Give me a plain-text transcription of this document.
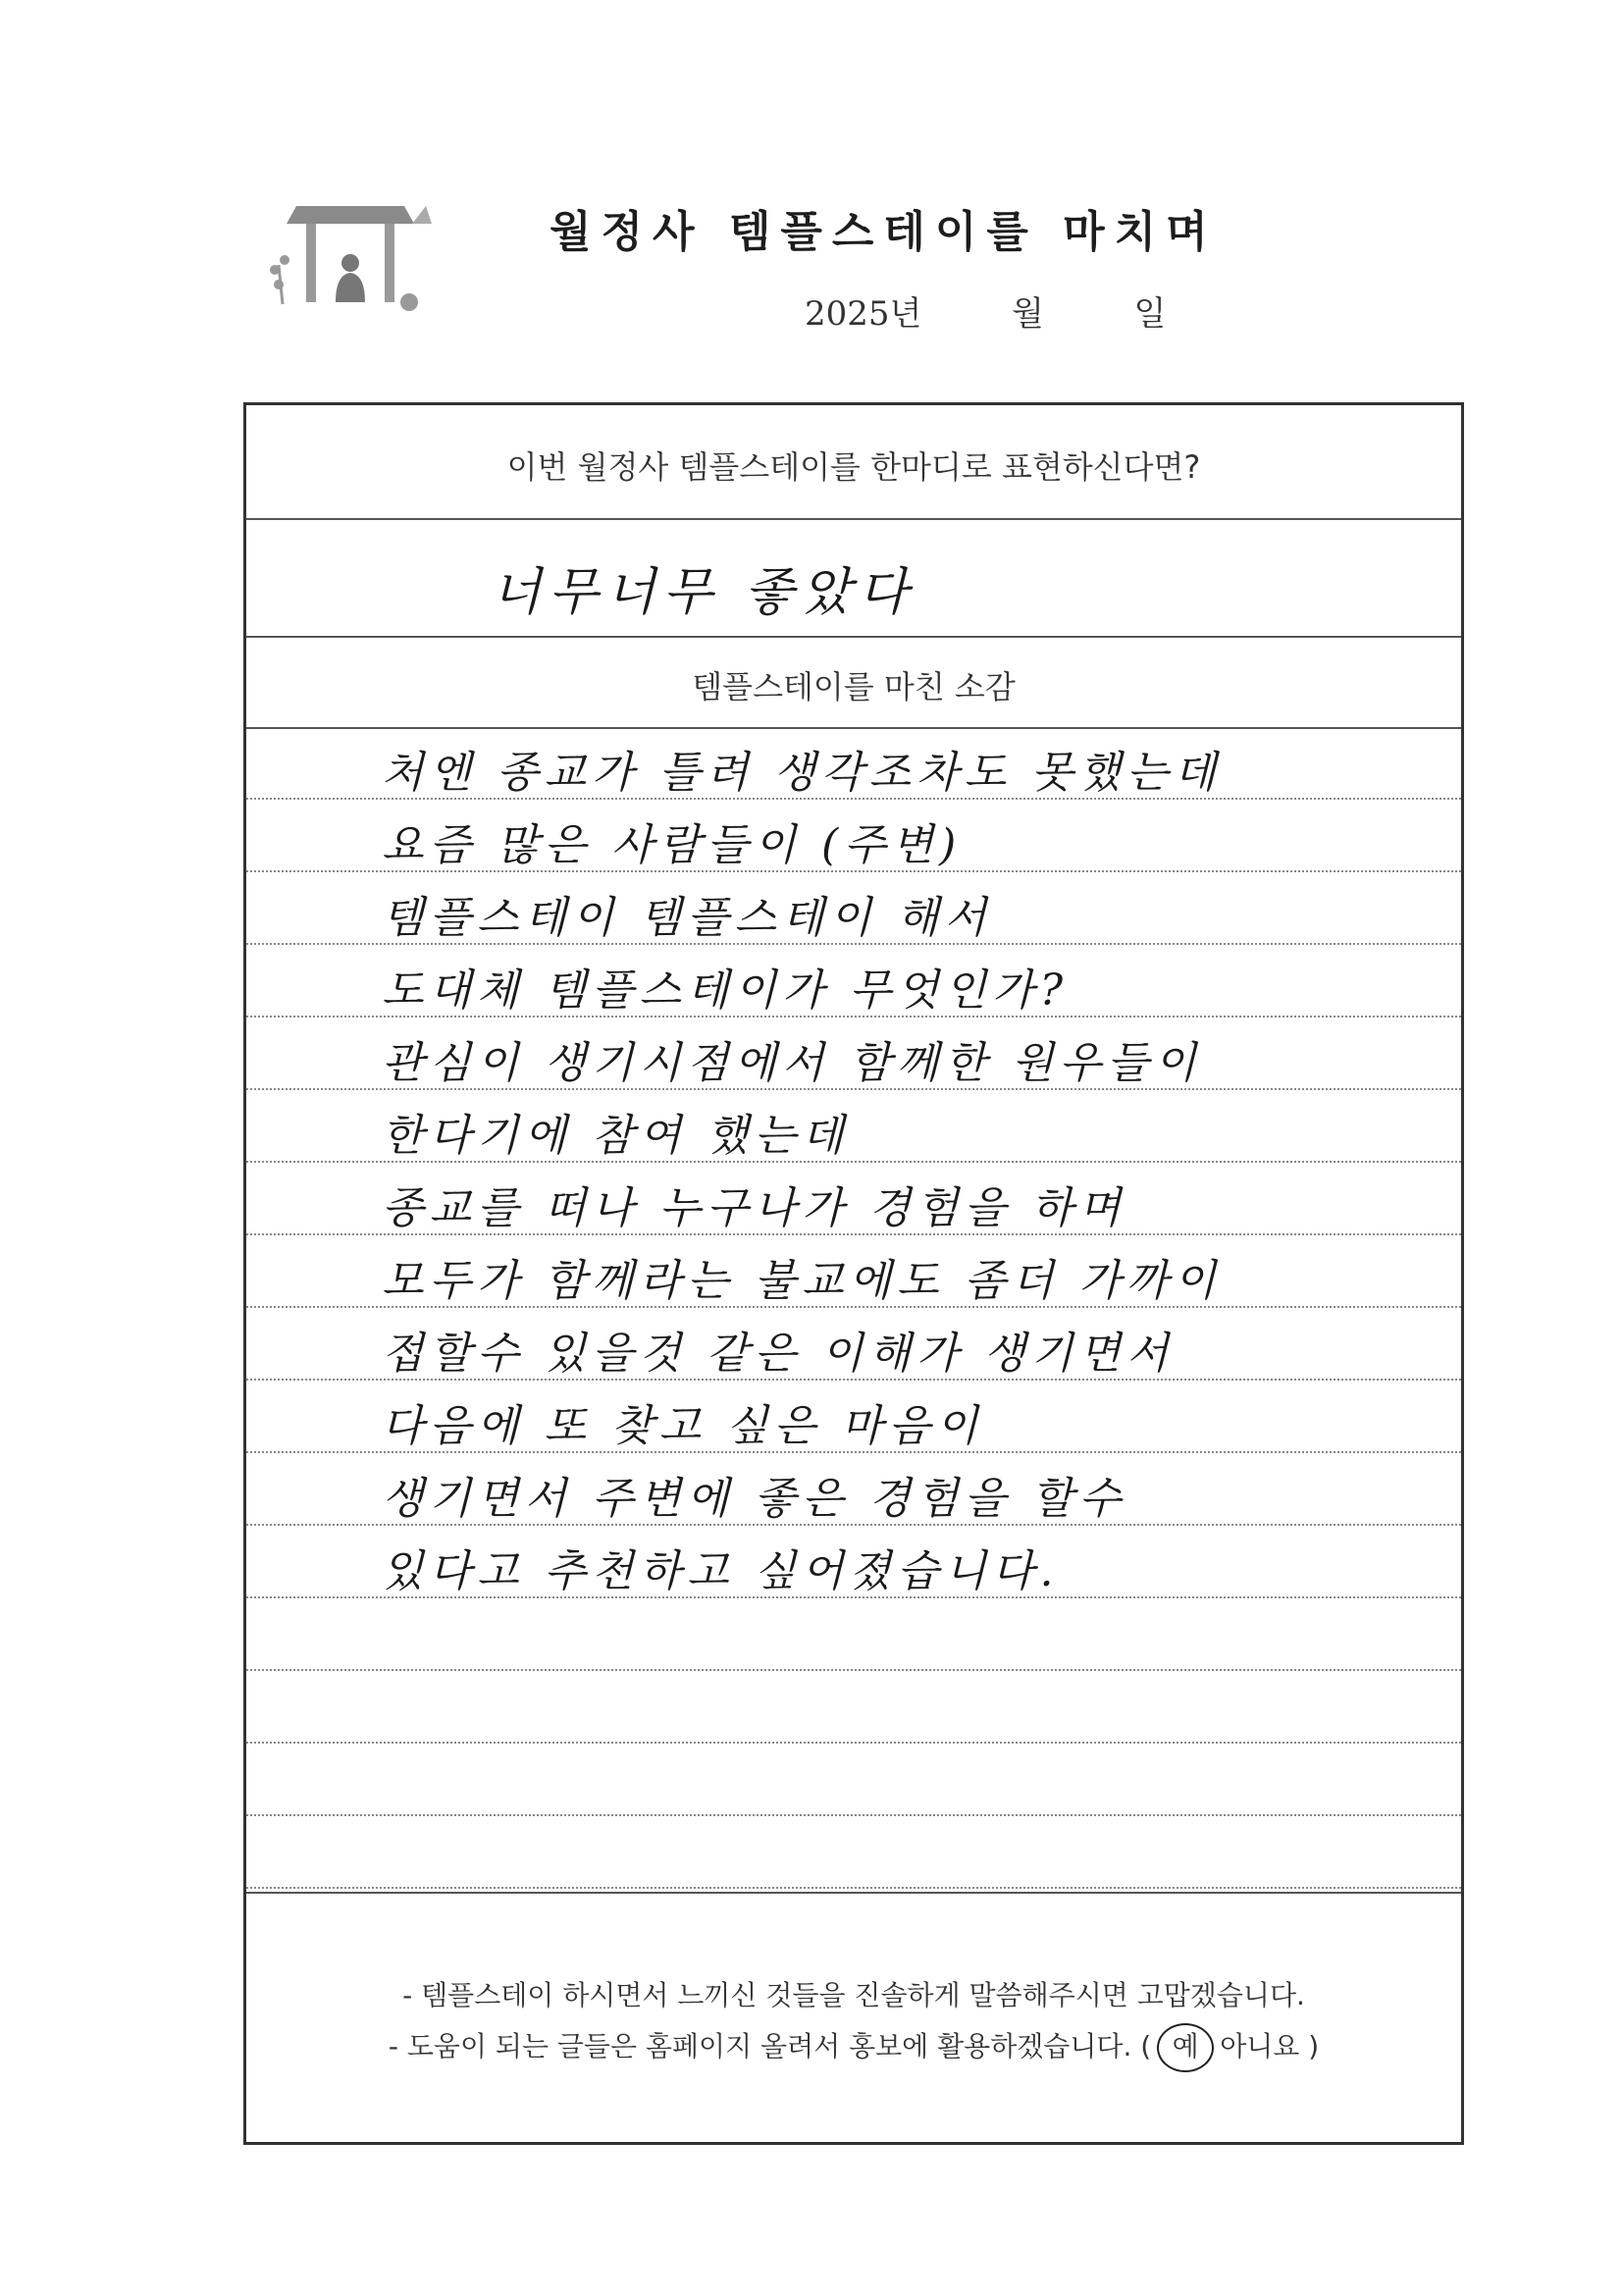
월정사 템플스테이를 마치며
2025년	월	일
이번 월정사 템플스테이를 한마디로 표현하신다면?
너무너무 좋았다
템플스테이를 마친 소감
처엔 종교가 틀려 생각조차도 못했는데
요즘 많은 사람들이 (주변)
템플스테이 템플스테이 해서
도대체 템플스테이가 무엇인가?
관심이 생기시점에서 함께한 원우들이
한다기에 참여 했는데
종교를 떠나 누구나가 경험을 하며
모두가 함께라는 불교에도 좀더 가까이
접할수 있을것 같은 이해가 생기면서
다음에 또 찾고 싶은 마음이
생기면서 주변에 좋은 경험을 할수
있다고 추천하고 싶어졌습니다.
- 템플스테이 하시면서 느끼신 것들을 진솔하게 말씀해주시면 고맙겠습니다.
- 도움이 되는 글들은 홈페이지 올려서 홍보에 활용하겠습니다. ( 예 아니요 )
